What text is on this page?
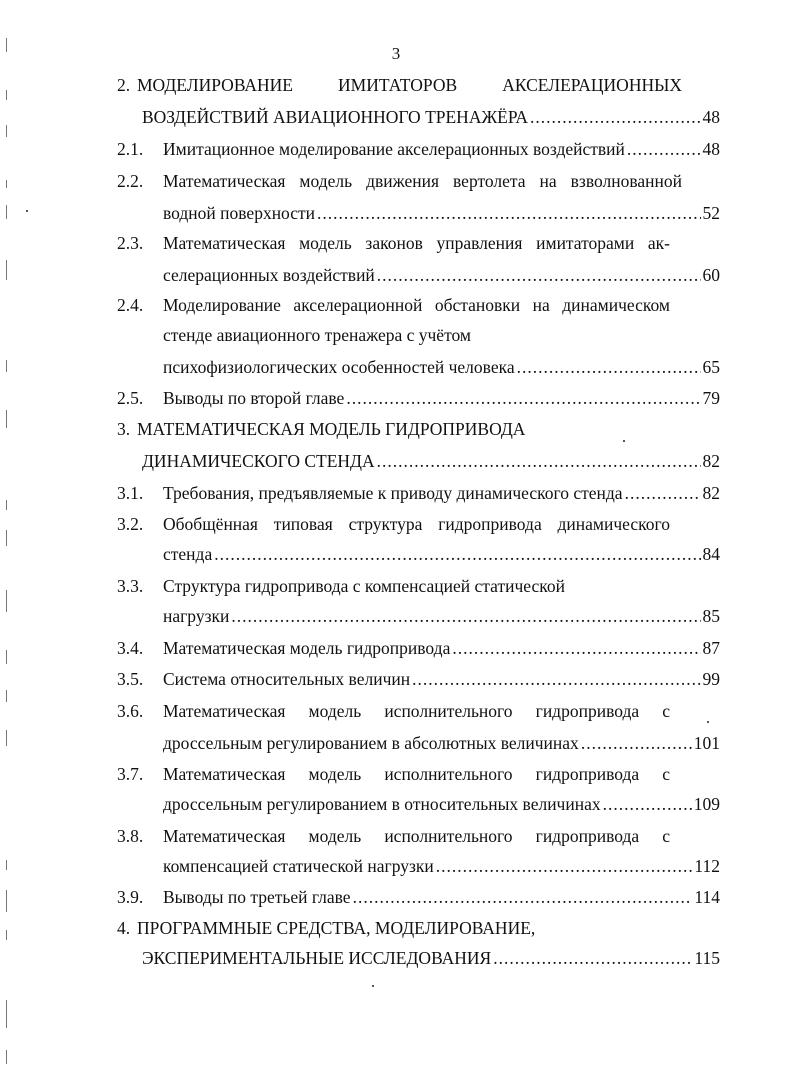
3
2. МОДЕЛИРОВАНИЕ ИМИТАТОРОВ АКСЕЛЕРАЦИОННЫХ
ВОЗДЕЙСТВИЙ АВИАЦИОННОГО ТРЕНАЖЁРА .....	48
2.1. Имитационное моделирование акселерационных воздействий .....	48
2.2. Математическая модель движения вертолета на взволнованной
водной поверхности .....	52
2.3. Математическая модель законов управления имитаторами ак-
селерационных воздействий .....	60
2.4. Моделирование акселерационной обстановки на динамическом
стенде авиационного тренажера с учётом
психофизиологических особенностей человека .....	65
2.5. Выводы по второй главе .....	79
3. МАТЕМАТИЧЕСКАЯ МОДЕЛЬ ГИДРОПРИВОДА
ДИНАМИЧЕСКОГО СТЕНДА .....	82
3.1. Требования, предъявляемые к приводу динамического стенда .....	82
3.2. Обобщённая типовая структура гидропривода динамического
стенда .....	84
3.3. Структура гидропривода с компенсацией статической
нагрузки .....	85
3.4. Математическая модель гидропривода .....	87
3.5. Система относительных величин .....	99
3.6. Математическая модель исполнительного гидропривода с
дроссельным регулированием в абсолютных величинах .....	101
3.7. Математическая модель исполнительного гидропривода с
дроссельным регулированием в относительных величинах .....	109
3.8. Математическая модель исполнительного гидропривода с
компенсацией статической нагрузки .....	112
3.9. Выводы по третьей главе .....	114
4. ПРОГРАММНЫЕ СРЕДСТВА, МОДЕЛИРОВАНИЕ,
ЭКСПЕРИМЕНТАЛЬНЫЕ ИССЛЕДОВАНИЯ .....	115
